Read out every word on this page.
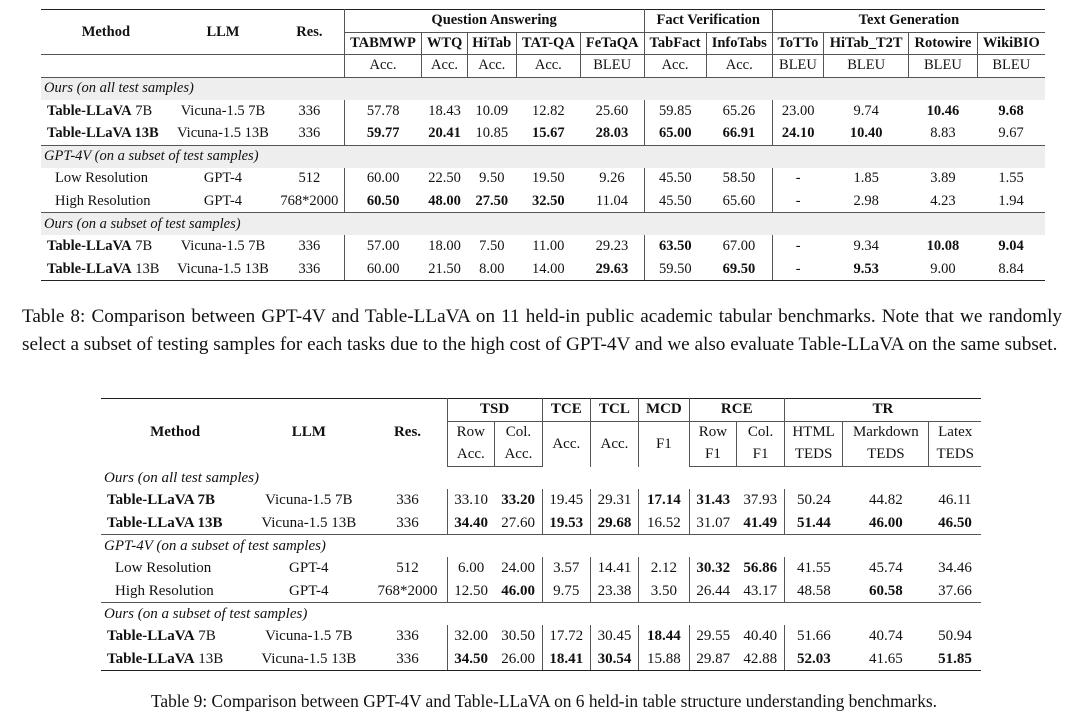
Method	LLM	Res.	Question Answering					Fact Verification		Text Generation			
			TABMWP	WTQ	HiTab	TAT-QA	FeTaQA	TabFact	InfoTabs	ToTTo	HiTab_T2T	Rotowire	WikiBIO
			Acc.	Acc.	Acc.	Acc.	BLEU	Acc.	Acc.	BLEU	BLEU	BLEU	BLEU
Ours (on all test samples)													
Table-LLaVA 7B	Vicuna-1.5 7B	336	57.78	18.43	10.09	12.82	25.60	59.85	65.26	23.00	9.74	10.46	9.68
Table-LLaVA 13B	Vicuna-1.5 13B	336	59.77	20.41	10.85	15.67	28.03	65.00	66.91	24.10	10.40	8.83	9.67
GPT-4V (on a subset of test samples)													
Low Resolution	GPT-4	512	60.00	22.50	9.50	19.50	9.26	45.50	58.50	-	1.85	3.89	1.55
High Resolution	GPT-4	768*2000	60.50	48.00	27.50	32.50	11.04	45.50	65.60	-	2.98	4.23	1.94
Ours (on a subset of test samples)													
Table-LLaVA 7B	Vicuna-1.5 7B	336	57.00	18.00	7.50	11.00	29.23	63.50	67.00	-	9.34	10.08	9.04
Table-LLaVA 13B	Vicuna-1.5 13B	336	60.00	21.50	8.00	14.00	29.63	59.50	69.50	-	9.53	9.00	8.84
Table 8: Comparison between GPT-4V and Table-LLaVA on 11 held-in public academic tabular benchmarks. Note that we randomly select a subset of testing samples for each tasks due to the high cost of GPT-4V and we also evaluate Table-LLaVA on the same subset.
Method	LLM	Res.	TSD		TCE	TCL	MCD	RCE		TR		
			Row	Col.	Acc.	Acc.	F1	Row	Col.	HTML	Markdown	Latex
			Acc.	Acc.				F1	F1	TEDS	TEDS	TEDS
Ours (on all test samples)												
Table-LLaVA 7B	Vicuna-1.5 7B	336	33.10	33.20	19.45	29.31	17.14	31.43	37.93	50.24	44.82	46.11
Table-LLaVA 13B	Vicuna-1.5 13B	336	34.40	27.60	19.53	29.68	16.52	31.07	41.49	51.44	46.00	46.50
GPT-4V (on a subset of test samples)												
Low Resolution	GPT-4	512	6.00	24.00	3.57	14.41	2.12	30.32	56.86	41.55	45.74	34.46
High Resolution	GPT-4	768*2000	12.50	46.00	9.75	23.38	3.50	26.44	43.17	48.58	60.58	37.66
Ours (on a subset of test samples)												
Table-LLaVA 7B	Vicuna-1.5 7B	336	32.00	30.50	17.72	30.45	18.44	29.55	40.40	51.66	40.74	50.94
Table-LLaVA 13B	Vicuna-1.5 13B	336	34.50	26.00	18.41	30.54	15.88	29.87	42.88	52.03	41.65	51.85
Table 9: Comparison between GPT-4V and Table-LLaVA on 6 held-in table structure understanding benchmarks.
